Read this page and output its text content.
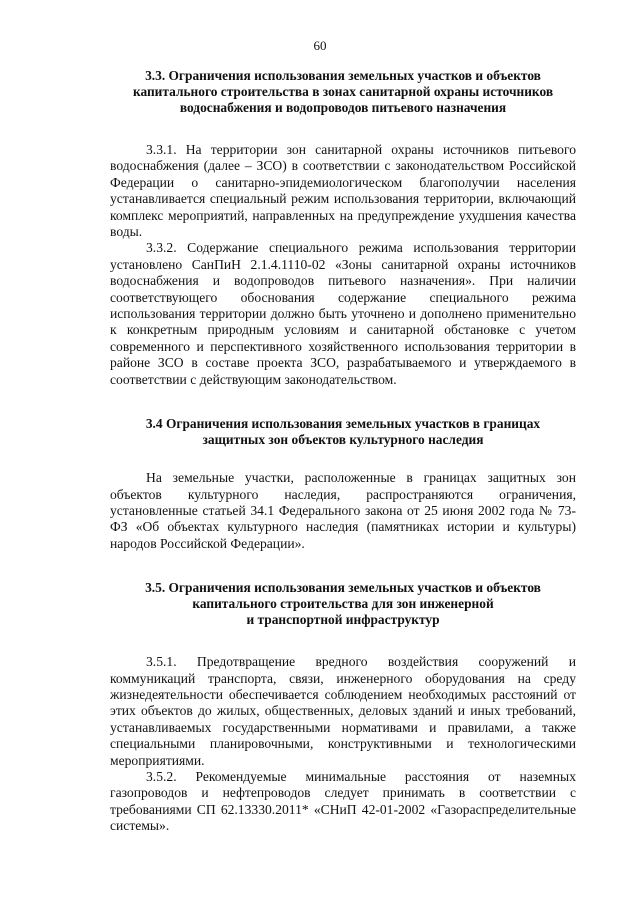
60
3.3. Ограничения использования земельных участков и объектов
капитального строительства в зонах санитарной охраны источников
водоснабжения и водопроводов питьевого назначения

3.3.1. На территории зон санитарной охраны источников питьевого водоснабжения (далее – ЗСО) в соответствии с законодательством Российской Федерации о санитарно-эпидемиологическом благополучии населения устанавливается специальный режим использования территории, включающий комплекс мероприятий, направленных на предупреждение ухудшения качества воды.

3.3.2. Содержание специального режима использования территории установлено СанПиН 2.1.4.1110-02 «Зоны санитарной охраны источников водоснабжения и водопроводов питьевого назначения». При наличии соответствующего обоснования содержание специального режима использования территории должно быть уточнено и дополнено применительно к конкретным природным условиям и санитарной обстановке с учетом современного и перспективного хозяйственного использования территории в районе ЗСО в составе проекта ЗСО, разрабатываемого и утверждаемого в соответствии с действующим законодательством.

3.4 Ограничения использования земельных участков в границах
защитных зон объектов культурного наследия

На земельные участки, расположенные в границах защитных зон объектов культурного наследия, распространяются ограничения, установленные статьей 34.1 Федерального закона от 25 июня 2002 года № 73-ФЗ «Об объектах культурного наследия (памятниках истории и культуры) народов Российской Федерации».

3.5. Ограничения использования земельных участков и объектов
капитального строительства для зон инженерной
и транспортной инфраструктур

3.5.1. Предотвращение вредного воздействия сооружений и коммуникаций транспорта, связи, инженерного оборудования на среду жизнедеятельности обеспечивается соблюдением необходимых расстояний от этих объектов до жилых, общественных, деловых зданий и иных требований, устанавливаемых государственными нормативами и правилами, а также специальными планировочными, конструктивными и технологическими мероприятиями.

3.5.2. Рекомендуемые минимальные расстояния от наземных газопроводов и нефтепроводов следует принимать в соответствии с требованиями СП 62.13330.2011* «СНиП 42-01-2002 «Газораспределительные системы».
